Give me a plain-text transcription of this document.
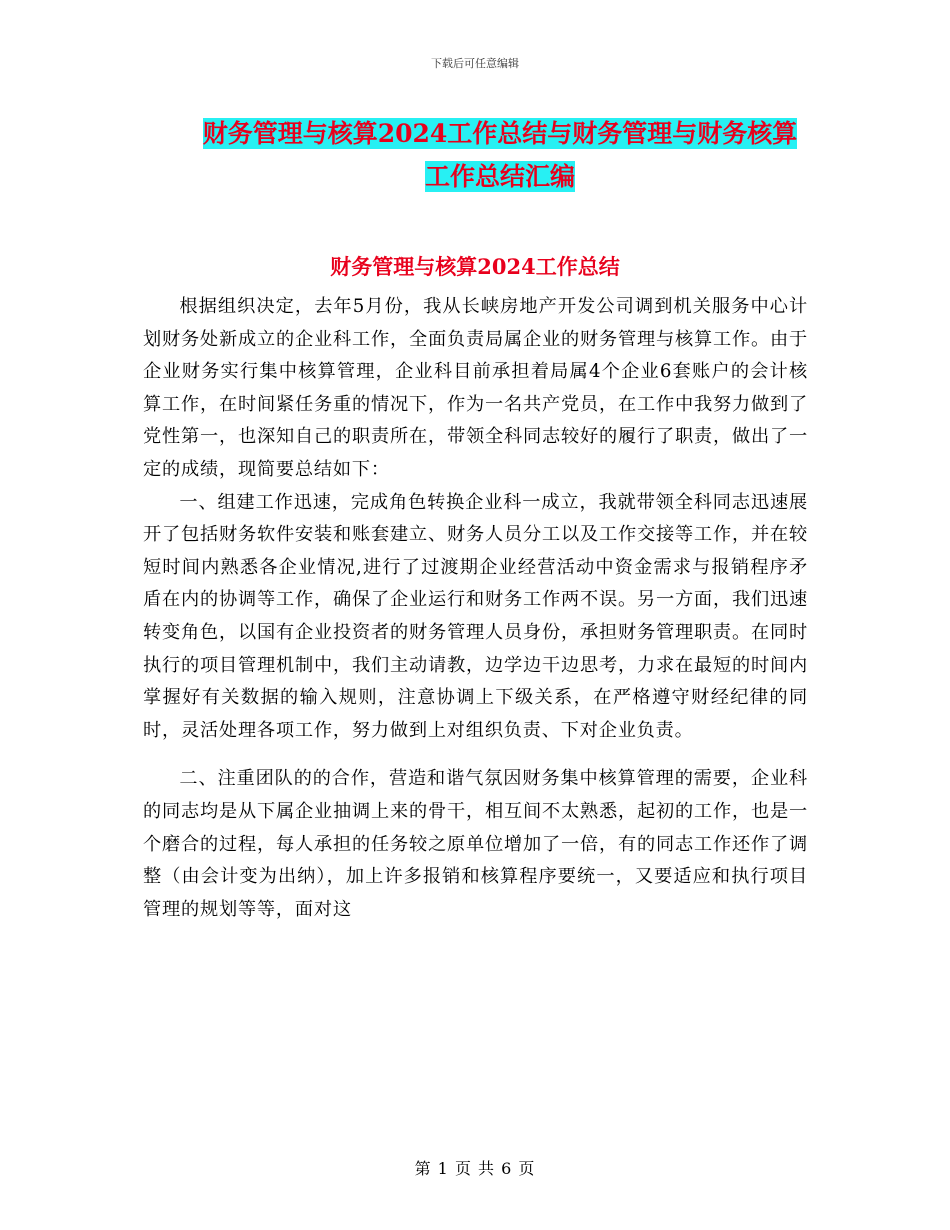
下载后可任意编辑
财务管理与核算2024工作总结与财务管理与财务核算
工作总结汇编
财务管理与核算2024工作总结

根据组织决定，去年5月份，我从长峡房地产开发公司调到机关服务中心计划财务处新成立的企业科工作，全面负责局属企业的财务管理与核算工作。由于企业财务实行集中核算管理，企业科目前承担着局属4个企业6套账户的会计核算工作，在时间紧任务重的情况下，作为一名共产党员，在工作中我努力做到了党性第一，也深知自己的职责所在，带领全科同志较好的履行了职责，做出了一定的成绩，现简要总结如下：

一、组建工作迅速，完成角色转换企业科一成立，我就带领全科同志迅速展开了包括财务软件安装和账套建立、财务人员分工以及工作交接等工作，并在较短时间内熟悉各企业情况,进行了过渡期企业经营活动中资金需求与报销程序矛盾在内的协调等工作，确保了企业运行和财务工作两不误。另一方面，我们迅速转变角色，以国有企业投资者的财务管理人员身份，承担财务管理职责。在同时执行的项目管理机制中，我们主动请教，边学边干边思考，力求在最短的时间内掌握好有关数据的输入规则，注意协调上下级关系，在严格遵守财经纪律的同时，灵活处理各项工作，努力做到上对组织负责、下对企业负责。

二、注重团队的的合作，营造和谐气氛因财务集中核算管理的需要，企业科的同志均是从下属企业抽调上来的骨干，相互间不太熟悉，起初的工作，也是一个磨合的过程，每人承担的任务较之原单位增加了一倍，有的同志工作还作了调整（由会计变为出纳），加上许多报销和核算程序要统一，又要适应和执行项目管理的规划等等，面对这

第 1 页 共 6 页
